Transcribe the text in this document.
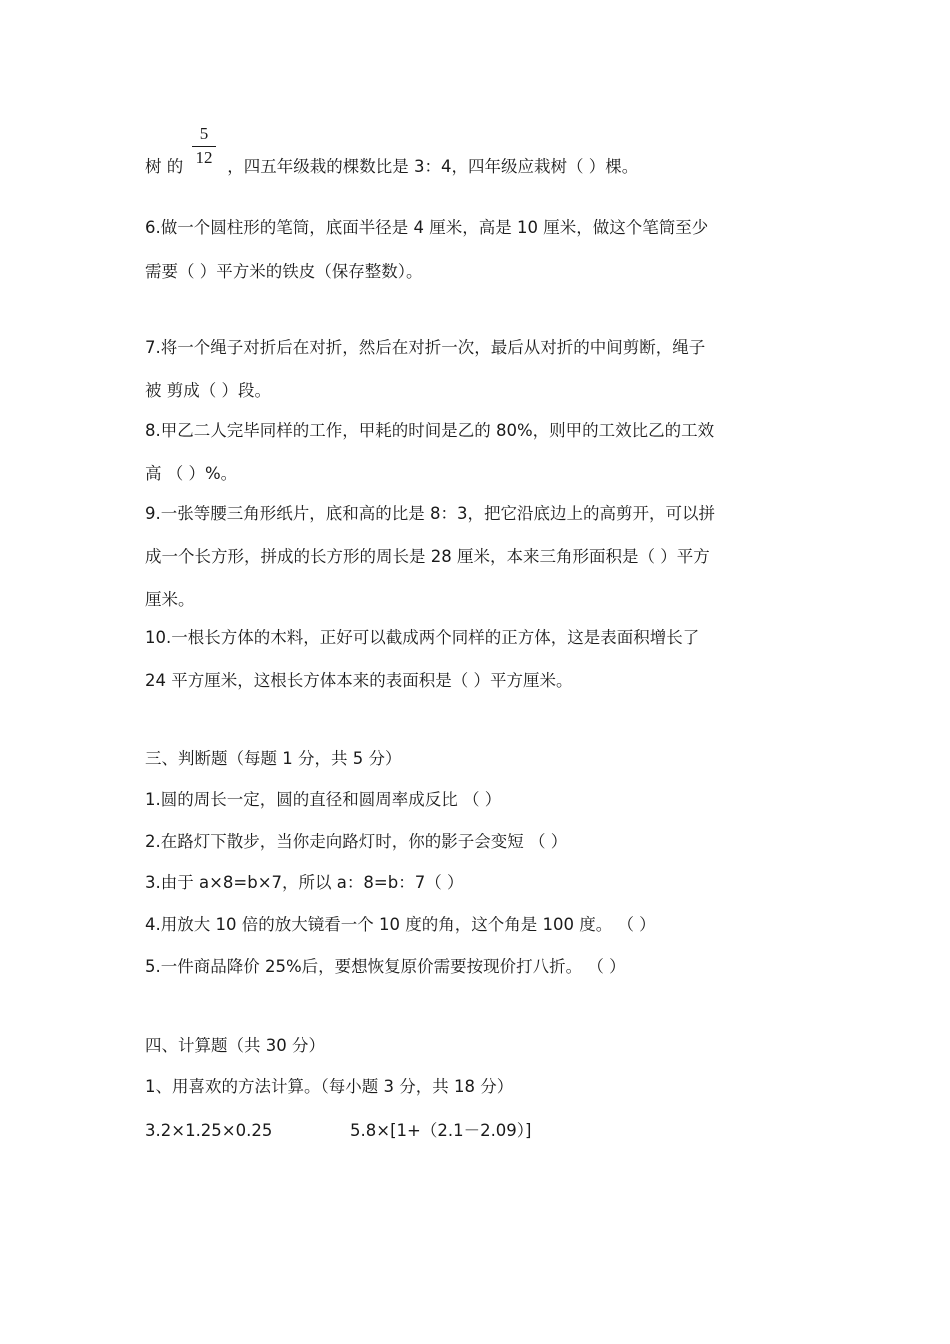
5
12
树 的	，四五年级栽的棵数比是 3：4，四年级应栽树（ ）棵。
6.做一个圆柱形的笔筒，底面半径是 4 厘米，高是 10 厘米，做这个笔筒至少
需要（ ）平方米的铁皮（保存整数）。
7.将一个绳子对折后在对折，然后在对折一次，最后从对折的中间剪断，绳子
被 剪成（ ）段。
8.甲乙二人完毕同样的工作，甲耗的时间是乙的 80%，则甲的工效比乙的工效
高 （ ）%。
9.一张等腰三角形纸片，底和高的比是 8：3，把它沿底边上的高剪开，可以拼
成一个长方形，拼成的长方形的周长是 28 厘米，本来三角形面积是（ ）平方
厘米。
10.一根长方体的木料，正好可以截成两个同样的正方体，这是表面积增长了
24 平方厘米，这根长方体本来的表面积是（ ）平方厘米。
三、判断题（每题 1 分，共 5 分）
1.圆的周长一定，圆的直径和圆周率成反比 （ ）
2.在路灯下散步，当你走向路灯时，你的影子会变短 （ ）
3.由于 a×8=b×7，所以 a：8=b：7（ ）
4.用放大 10 倍的放大镜看一个 10 度的角，这个角是 100 度。 （ ）
5.一件商品降价 25%后，要想恢复原价需要按现价打八折。 （ ）
四、计算题（共 30 分）
1、用喜欢的方法计算。（每小题 3 分，共 18 分）
3.2×1.25×0.25	5.8×[1+（2.1－2.09）]
